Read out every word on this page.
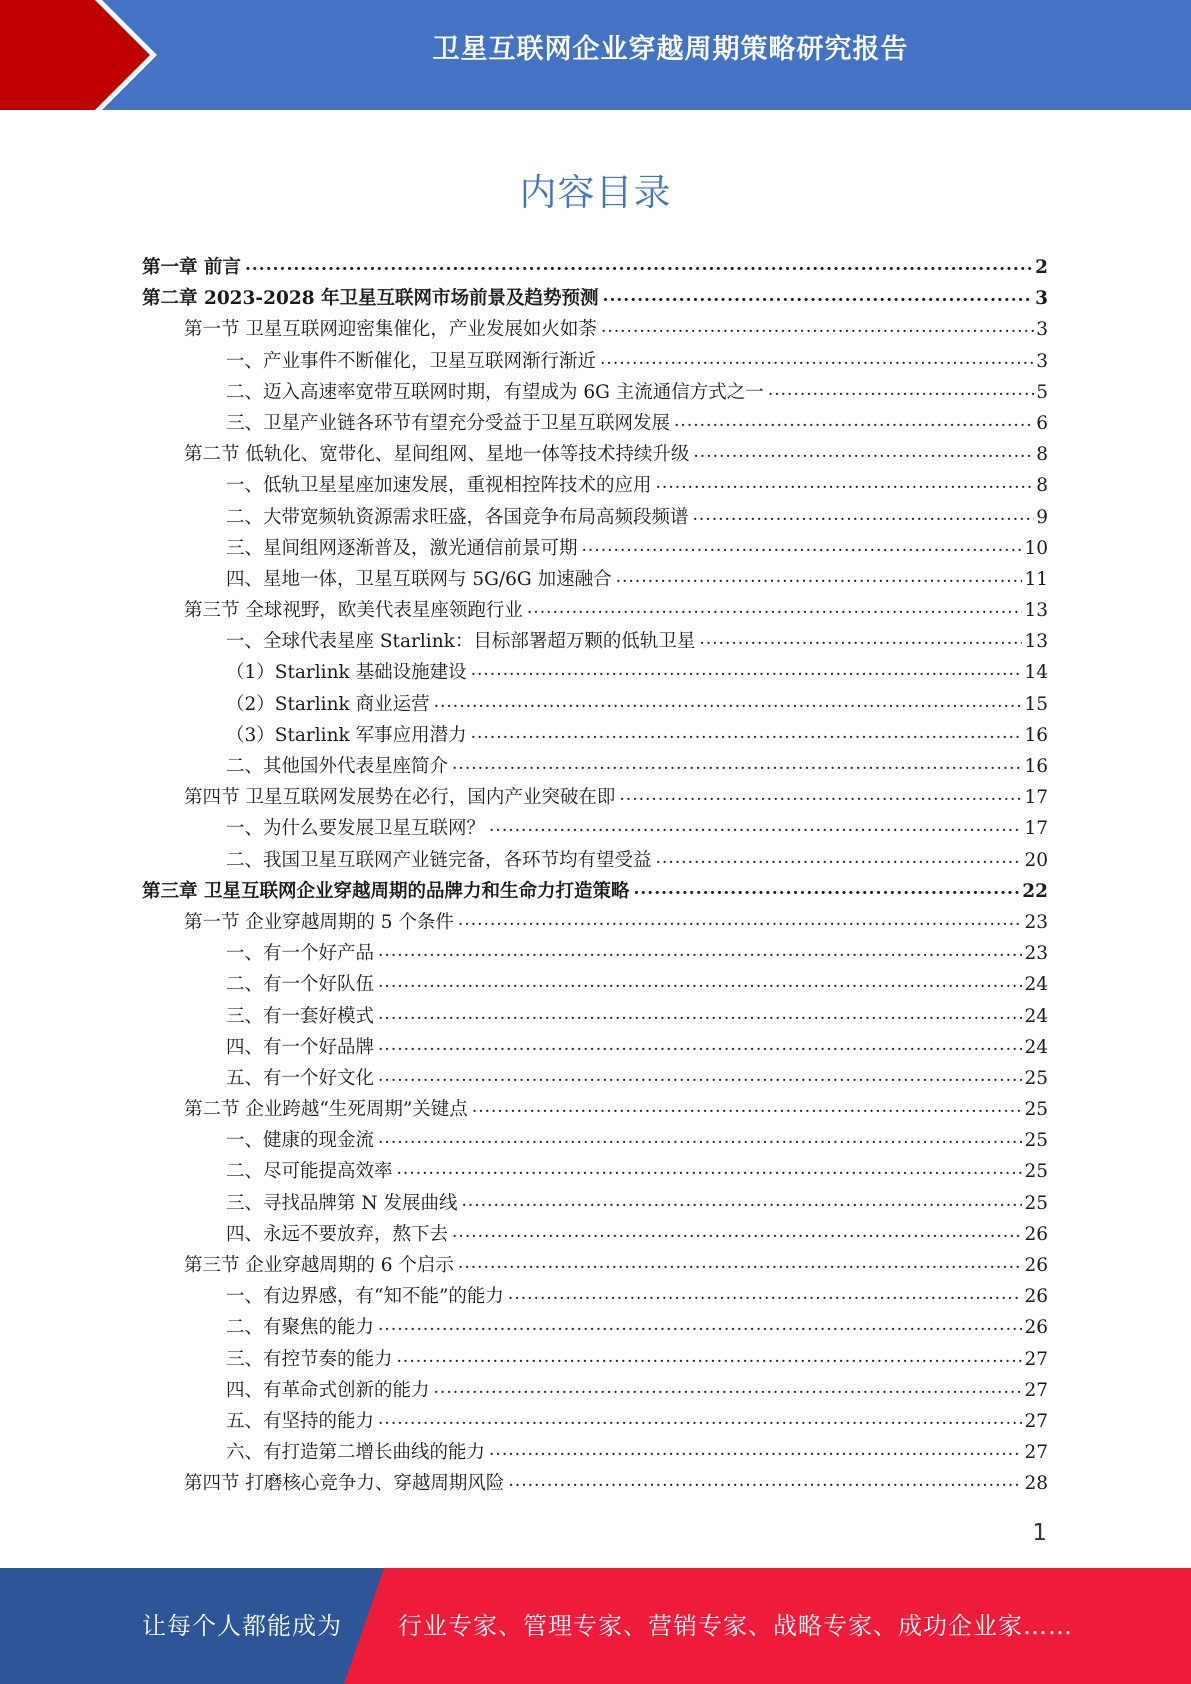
卫星互联网企业穿越周期策略研究报告
内容目录
第一章 前言 .....	2
第二章 2023-2028 年卫星互联网市场前景及趋势预测 .....	3
第一节 卫星互联网迎密集催化，产业发展如火如荼 .....	3
一、产业事件不断催化，卫星互联网渐行渐近 .....	3
二、迈入高速率宽带互联网时期，有望成为 6G 主流通信方式之一 .....	5
三、卫星产业链各环节有望充分受益于卫星互联网发展 .....	6
第二节 低轨化、宽带化、星间组网、星地一体等技术持续升级 .....	8
一、低轨卫星星座加速发展，重视相控阵技术的应用 .....	8
二、大带宽频轨资源需求旺盛，各国竞争布局高频段频谱 .....	9
三、星间组网逐渐普及，激光通信前景可期 .....	10
四、星地一体，卫星互联网与 5G/6G 加速融合 .....	11
第三节 全球视野，欧美代表星座领跑行业 .....	13
一、全球代表星座 Starlink：目标部署超万颗的低轨卫星 .....	13
（1）Starlink 基础设施建设 .....	14
（2）Starlink 商业运营 .....	15
（3）Starlink 军事应用潜力 .....	16
二、其他国外代表星座简介 .....	16
第四节 卫星互联网发展势在必行，国内产业突破在即 .....	17
一、为什么要发展卫星互联网？ .....	17
二、我国卫星互联网产业链完备，各环节均有望受益 .....	20
第三章 卫星互联网企业穿越周期的品牌力和生命力打造策略 .....	22
第一节 企业穿越周期的 5 个条件 .....	23
一、有一个好产品 .....	23
二、有一个好队伍 .....	24
三、有一套好模式 .....	24
四、有一个好品牌 .....	24
五、有一个好文化 .....	25
第二节 企业跨越“生死周期”关键点 .....	25
一、健康的现金流 .....	25
二、尽可能提高效率 .....	25
三、寻找品牌第 N 发展曲线 .....	25
四、永远不要放弃，熬下去 .....	26
第三节 企业穿越周期的 6 个启示 .....	26
一、有边界感，有“知不能”的能力 .....	26
二、有聚焦的能力 .....	26
三、有控节奏的能力 .....	27
四、有革命式创新的能力 .....	27
五、有坚持的能力 .....	27
六、有打造第二增长曲线的能力 .....	27
第四节 打磨核心竞争力、穿越周期风险 .....	28
1
让每个人都能成为 行业专家、管理专家、营销专家、战略专家、成功企业家……
